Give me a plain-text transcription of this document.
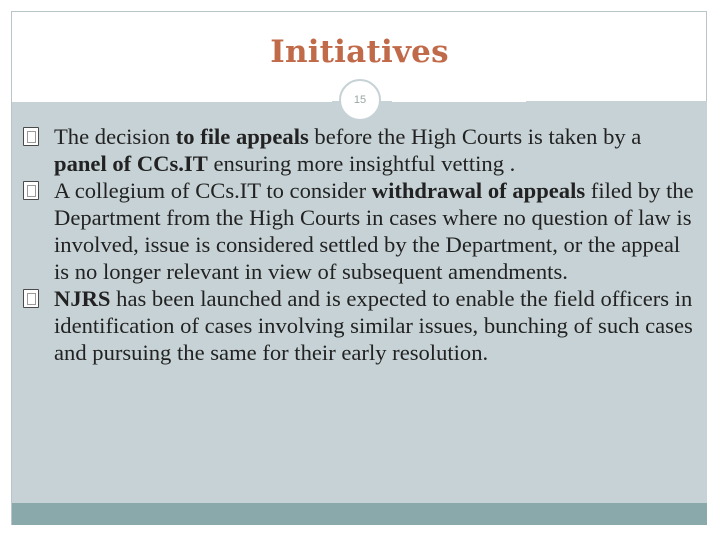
Initiatives
15

The decision to file appeals before the High Courts is taken by a panel of CCs.IT ensuring more insightful vetting .

A collegium of CCs.IT to consider withdrawal of appeals filed by the Department from the High Courts in cases where no question of law is involved, issue is considered settled by the Department, or the appeal is no longer relevant in view of subsequent amendments.

NJRS has been launched and is expected to enable the field officers in identification of cases involving similar issues, bunching of such cases and pursuing the same for their early resolution.
